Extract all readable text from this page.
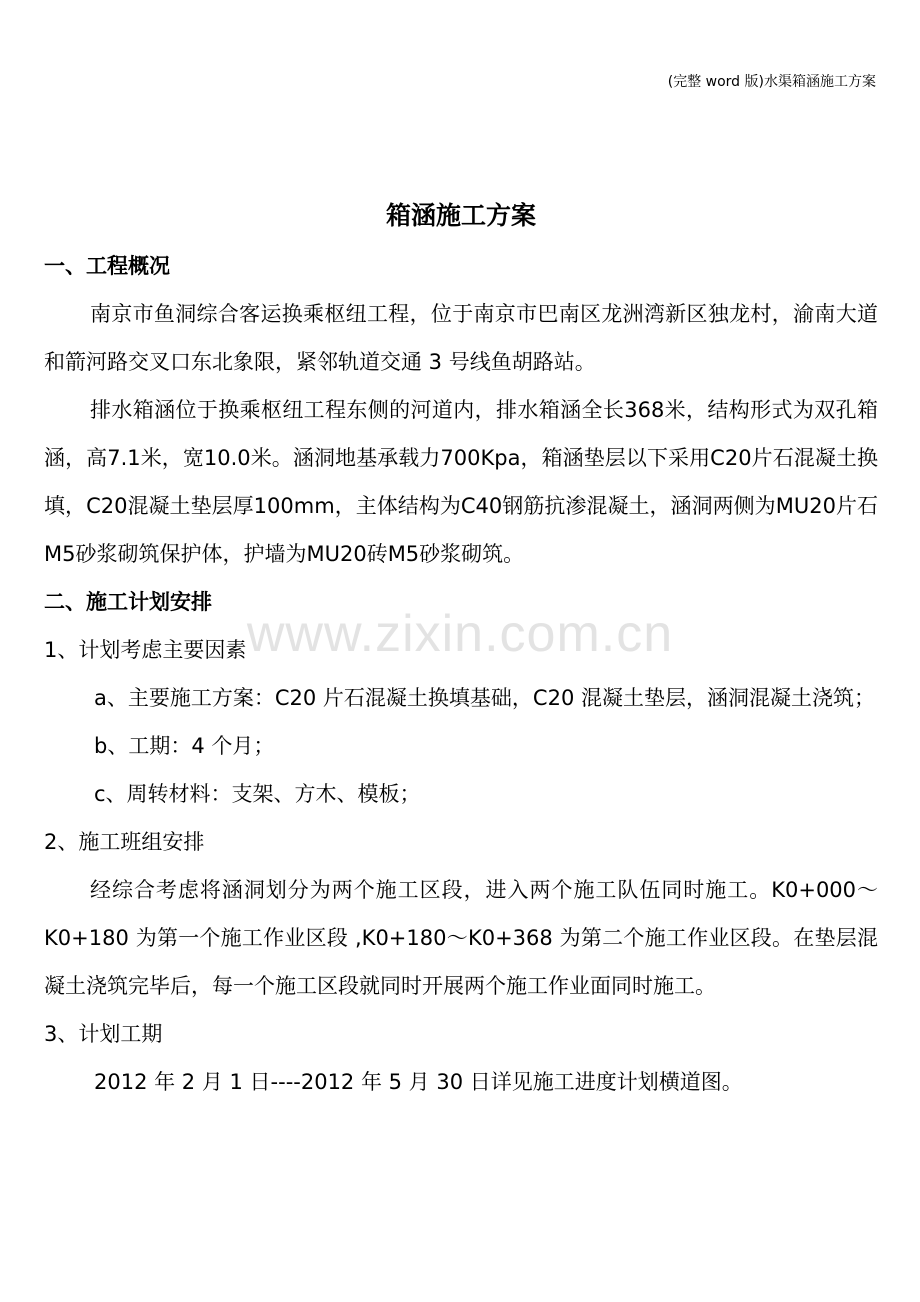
(完整 word 版)水渠箱涵施工方案
www.zixin.com.cn
箱涵施工方案
一、工程概况

南京市鱼洞综合客运换乘枢纽工程，位于南京市巴南区龙洲湾新区独龙村，渝南大道和箭河路交叉口东北象限，紧邻轨道交通 3 号线鱼胡路站。

排水箱涵位于换乘枢纽工程东侧的河道内，排水箱涵全长368米，结构形式为双孔箱涵，高7.1米，宽10.0米。涵洞地基承载力700Kpa，箱涵垫层以下采用C20片石混凝土换填，C20混凝土垫层厚100mm，主体结构为C40钢筋抗渗混凝土，涵洞两侧为MU20片石M5砂浆砌筑保护体，护墙为MU20砖M5砂浆砌筑。

二、施工计划安排
1、计划考虑主要因素

a、主要施工方案：C20 片石混凝土换填基础，C20 混凝土垫层，涵洞混凝土浇筑；

b、工期：4 个月；

c、周转材料：支架、方木、模板；

2、施工班组安排

经综合考虑将涵洞划分为两个施工区段，进入两个施工队伍同时施工。K0+000～K0+180 为第一个施工作业区段 ,K0+180～K0+368 为第二个施工作业区段。在垫层混凝土浇筑完毕后，每一个施工区段就同时开展两个施工作业面同时施工。

3、计划工期

2012 年 2 月 1 日----2012 年 5 月 30 日详见施工进度计划横道图。
